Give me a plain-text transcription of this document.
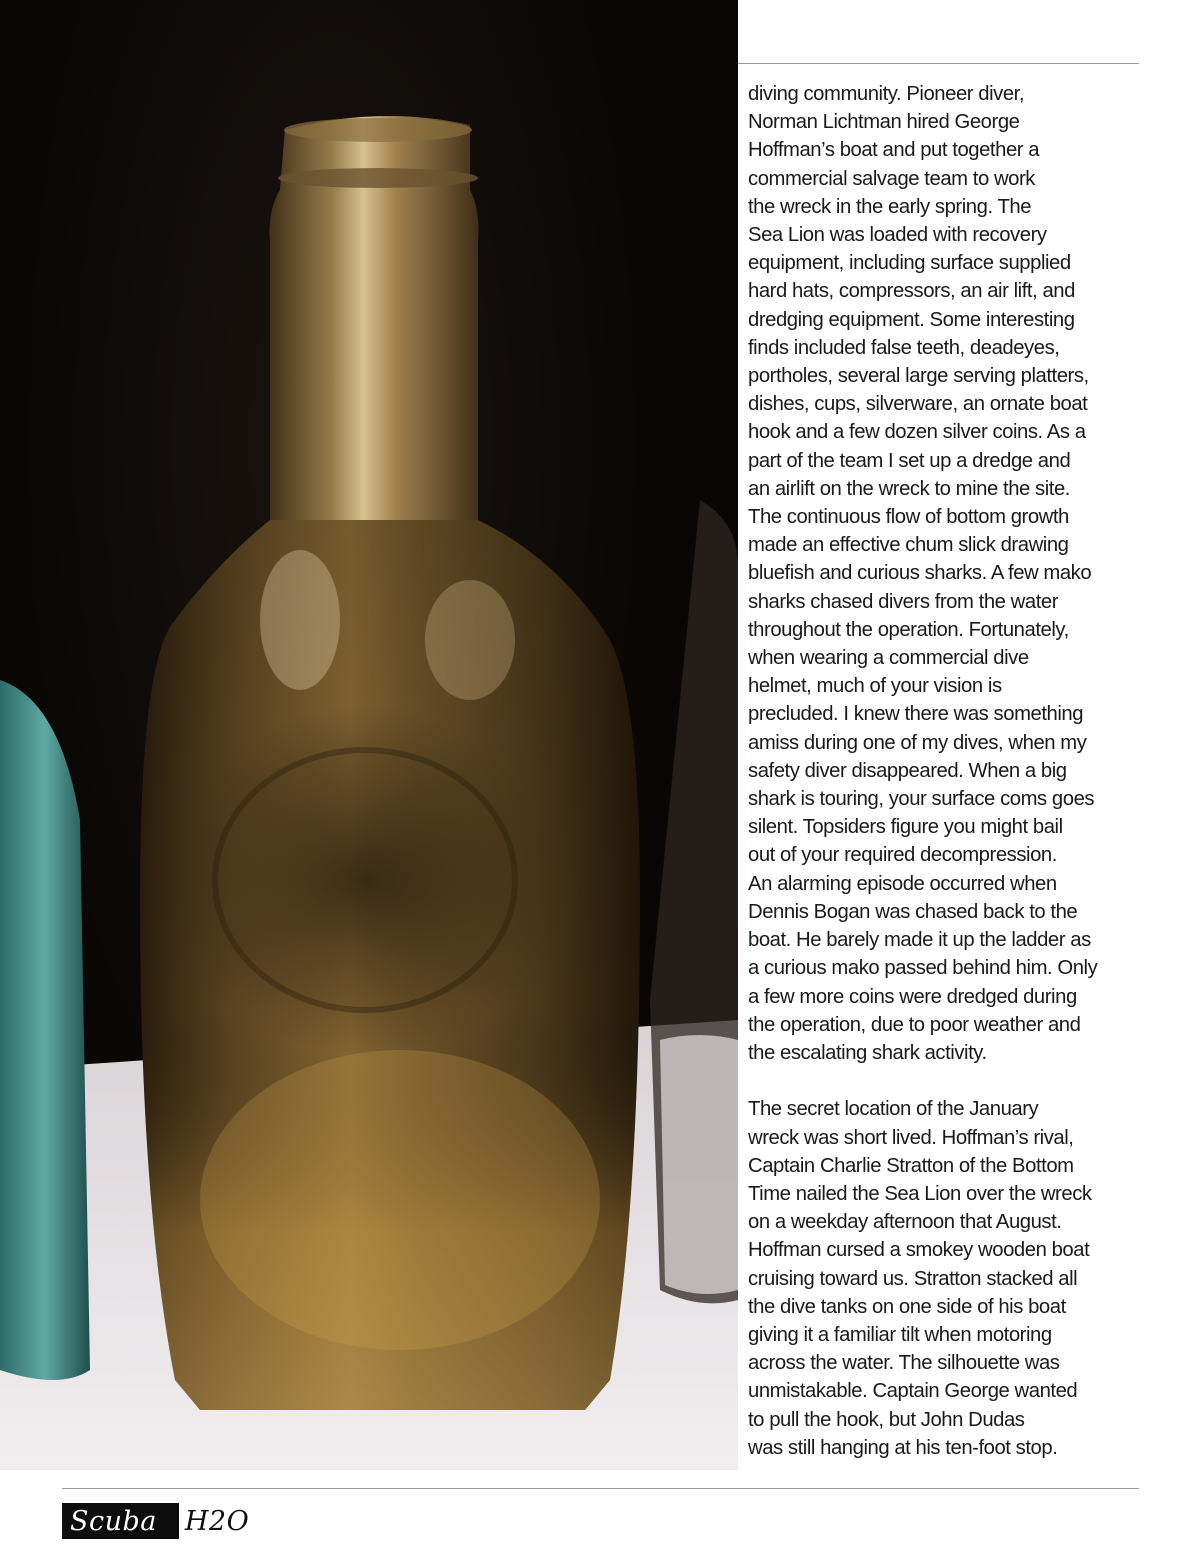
diving community. Pioneer diver,
Norman Lichtman hired George
Hoffman’s boat and put together a
commercial salvage team to work
the wreck in the early spring. The
Sea Lion was loaded with recovery
equipment, including surface supplied
hard hats, compressors, an air lift, and
dredging equipment. Some interesting
finds included false teeth, deadeyes,
portholes, several large serving platters,
dishes, cups, silverware, an ornate boat
hook and a few dozen silver coins. As a
part of the team I set up a dredge and
an airlift on the wreck to mine the site.
The continuous flow of bottom growth
made an effective chum slick drawing
bluefish and curious sharks. A few mako
sharks chased divers from the water
throughout the operation. Fortunately,
when wearing a commercial dive
helmet, much of your vision is
precluded. I knew there was something
amiss during one of my dives, when my
safety diver disappeared. When a big
shark is touring, your surface coms goes
silent. Topsiders figure you might bail
out of your required decompression.
An alarming episode occurred when
Dennis Bogan was chased back to the
boat. He barely made it up the ladder as
a curious mako passed behind him. Only
a few more coins were dredged during
the operation, due to poor weather and
the escalating shark activity.

The secret location of the January
wreck was short lived. Hoffman’s rival,
Captain Charlie Stratton of the Bottom
Time nailed the Sea Lion over the wreck
on a weekday afternoon that August.
Hoffman cursed a smokey wooden boat
cruising toward us. Stratton stacked all
the dive tanks on one side of his boat
giving it a familiar tilt when motoring
across the water. The silhouette was
unmistakable. Captain George wanted
to pull the hook, but John Dudas
was still hanging at his ten-foot stop.

Scuba	H2O
